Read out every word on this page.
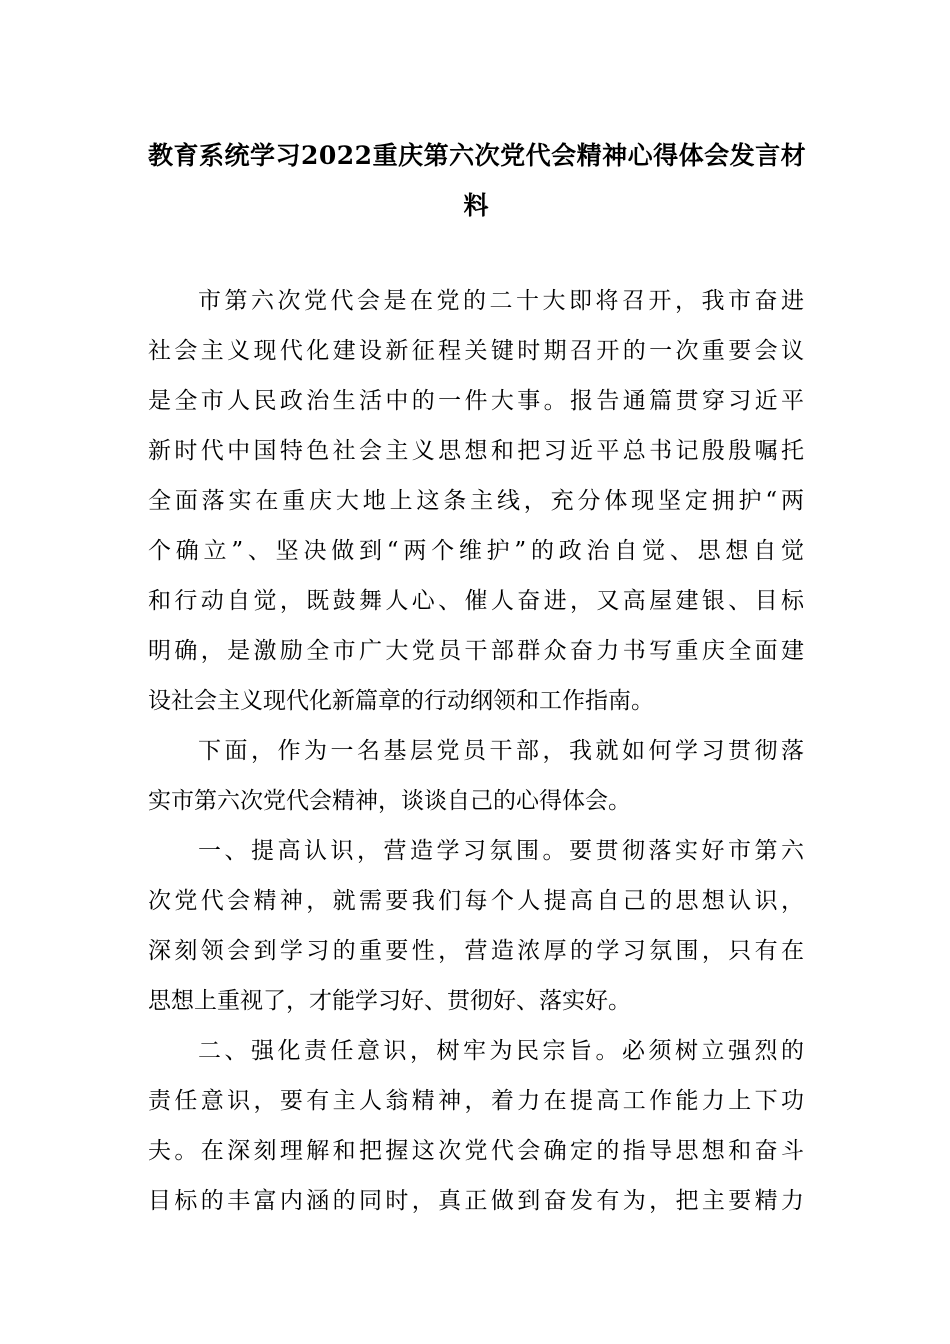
教育系统学习2022重庆第六次党代会精神心得体会发言材
料
市第六次党代会是在党的二十大即将召开，我市奋进
社会主义现代化建设新征程关键时期召开的一次重要会议
是全市人民政治生活中的一件大事。报告通篇贯穿习近平
新时代中国特色社会主义思想和把习近平总书记殷殷嘱托
全面落实在重庆大地上这条主线，充分体现坚定拥护“两
个确立”、坚决做到“两个维护”的政治自觉、思想自觉
和行动自觉，既鼓舞人心、催人奋进，又高屋建银、目标
明确，是激励全市广大党员干部群众奋力书写重庆全面建
设社会主义现代化新篇章的行动纲领和工作指南。
下面，作为一名基层党员干部，我就如何学习贯彻落
实市第六次党代会精神，谈谈自己的心得体会。
一、提高认识，营造学习氛围。要贯彻落实好市第六
次党代会精神，就需要我们每个人提高自己的思想认识，
深刻领会到学习的重要性，营造浓厚的学习氛围，只有在
思想上重视了，才能学习好、贯彻好、落实好。
二、强化责任意识，树牢为民宗旨。必须树立强烈的
责任意识，要有主人翁精神，着力在提高工作能力上下功
夫。在深刻理解和把握这次党代会确定的指导思想和奋斗
目标的丰富内涵的同时，真正做到奋发有为，把主要精力
